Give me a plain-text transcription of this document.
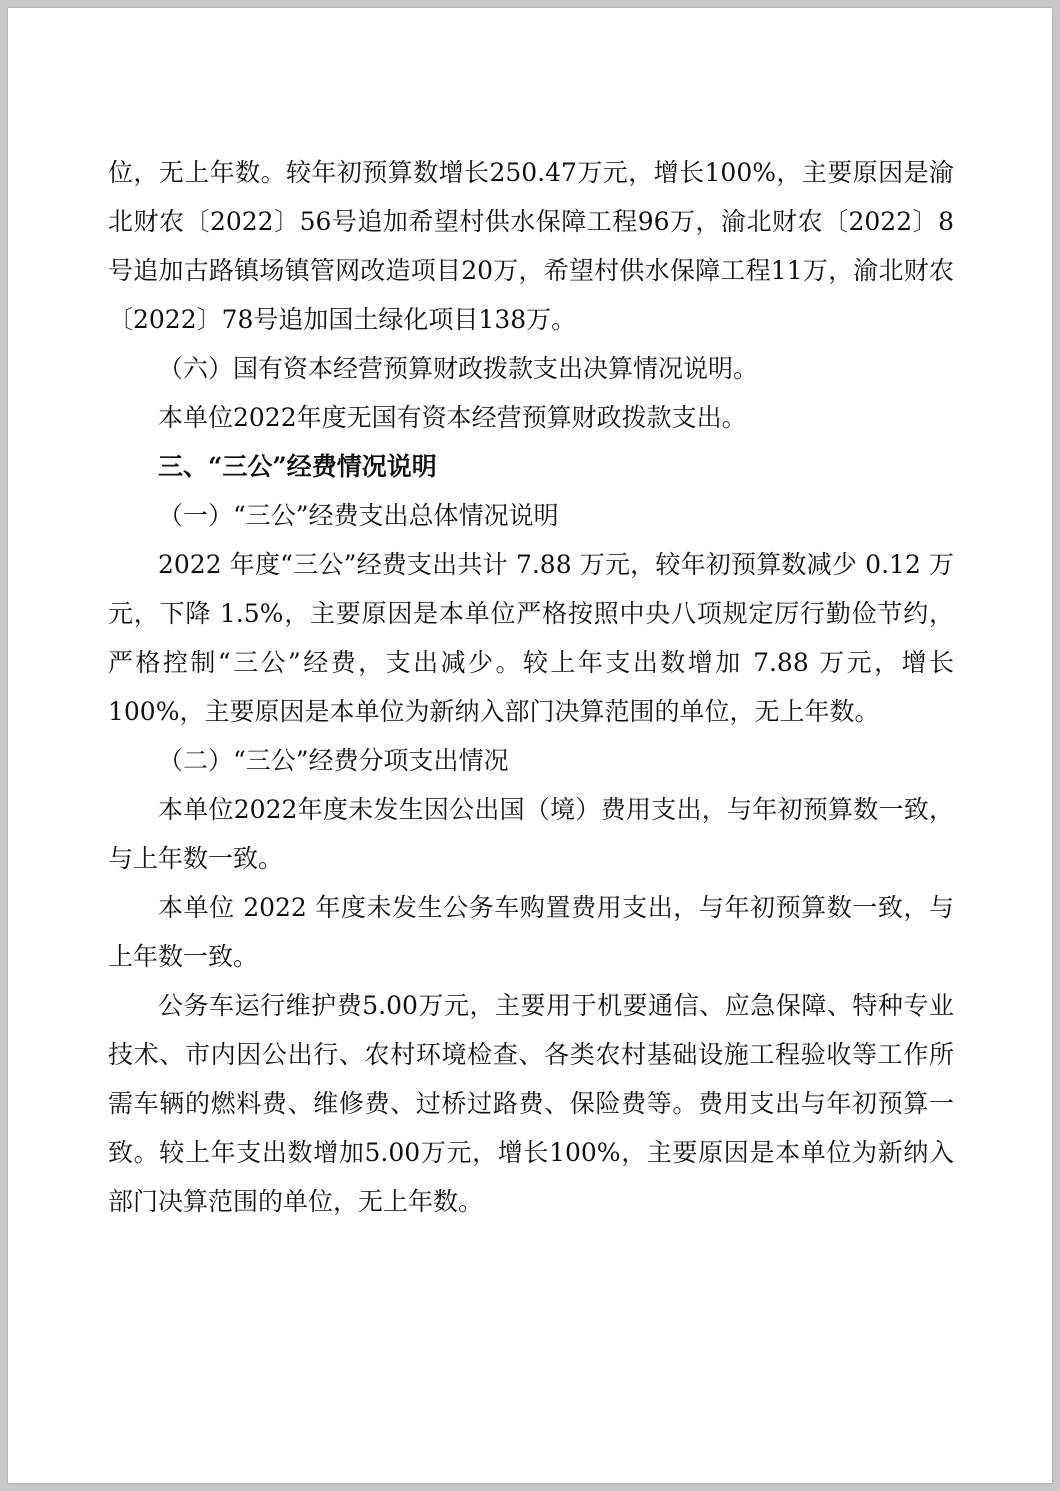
位，无上年数。较年初预算数增长250.47万元，增长100%，主要原因是渝北财农〔2022〕56号追加希望村供水保障工程96万，渝北财农〔2022〕8号追加古路镇场镇管网改造项目20万，希望村供水保障工程11万，渝北财农〔2022〕78号追加国土绿化项目138万。

（六）国有资本经营预算财政拨款支出决算情况说明。

本单位2022年度无国有资本经营预算财政拨款支出。

三、“三公”经费情况说明

（一）“三公”经费支出总体情况说明

2022 年度“三公”经费支出共计 7.88 万元，较年初预算数减少 0.12 万元，下降 1.5%，主要原因是本单位严格按照中央八项规定厉行勤俭节约，严格控制“三公”经费，支出减少。较上年支出数增加 7.88 万元，增长 100%，主要原因是本单位为新纳入部门决算范围的单位，无上年数。

（二）“三公”经费分项支出情况

本单位2022年度未发生因公出国（境）费用支出，与年初预算数一致，与上年数一致。

本单位 2022 年度未发生公务车购置费用支出，与年初预算数一致，与上年数一致。

公务车运行维护费5.00万元，主要用于机要通信、应急保障、特种专业技术、市内因公出行、农村环境检查、各类农村基础设施工程验收等工作所需车辆的燃料费、维修费、过桥过路费、保险费等。费用支出与年初预算一致。较上年支出数增加5.00万元，增长100%，主要原因是本单位为新纳入部门决算范围的单位，无上年数。
